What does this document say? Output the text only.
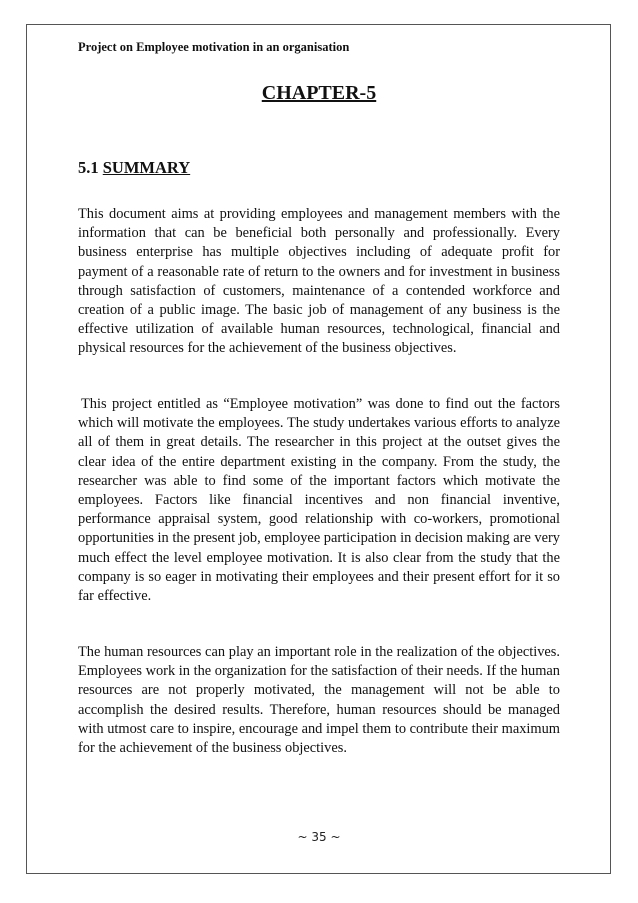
Project on Employee motivation in an organisation
CHAPTER-5
5.1 SUMMARY

This document aims at providing employees and management members with the information that can be beneficial both personally and professionally. Every business enterprise has multiple objectives including of adequate profit for payment of a reasonable rate of return to the owners and for investment in business through satisfaction of customers, maintenance of a contended workforce and creation of a public image. The basic job of management of any business is the effective utilization of available human resources, technological, financial and physical resources for the achievement of the business objectives.

This project entitled as “Employee motivation” was done to find out the factors which will motivate the employees. The study undertakes various efforts to analyze all of them in great details. The researcher in this project at the outset gives the clear idea of the entire department existing in the company. From the study, the researcher was able to find some of the important factors which motivate the employees. Factors like financial incentives and non financial inventive, performance appraisal system, good relationship with co-workers, promotional opportunities in the present job, employee participation in decision making are very much effect the level employee motivation. It is also clear from the study that the company is so eager in motivating their employees and their present effort for it so far effective.

The human resources can play an important role in the realization of the objectives. Employees work in the organization for the satisfaction of their needs. If the human resources are not properly motivated, the management will not be able to accomplish the desired results. Therefore, human resources should be managed with utmost care to inspire, encourage and impel them to contribute their maximum for the achievement of the business objectives.

~ 35 ~
